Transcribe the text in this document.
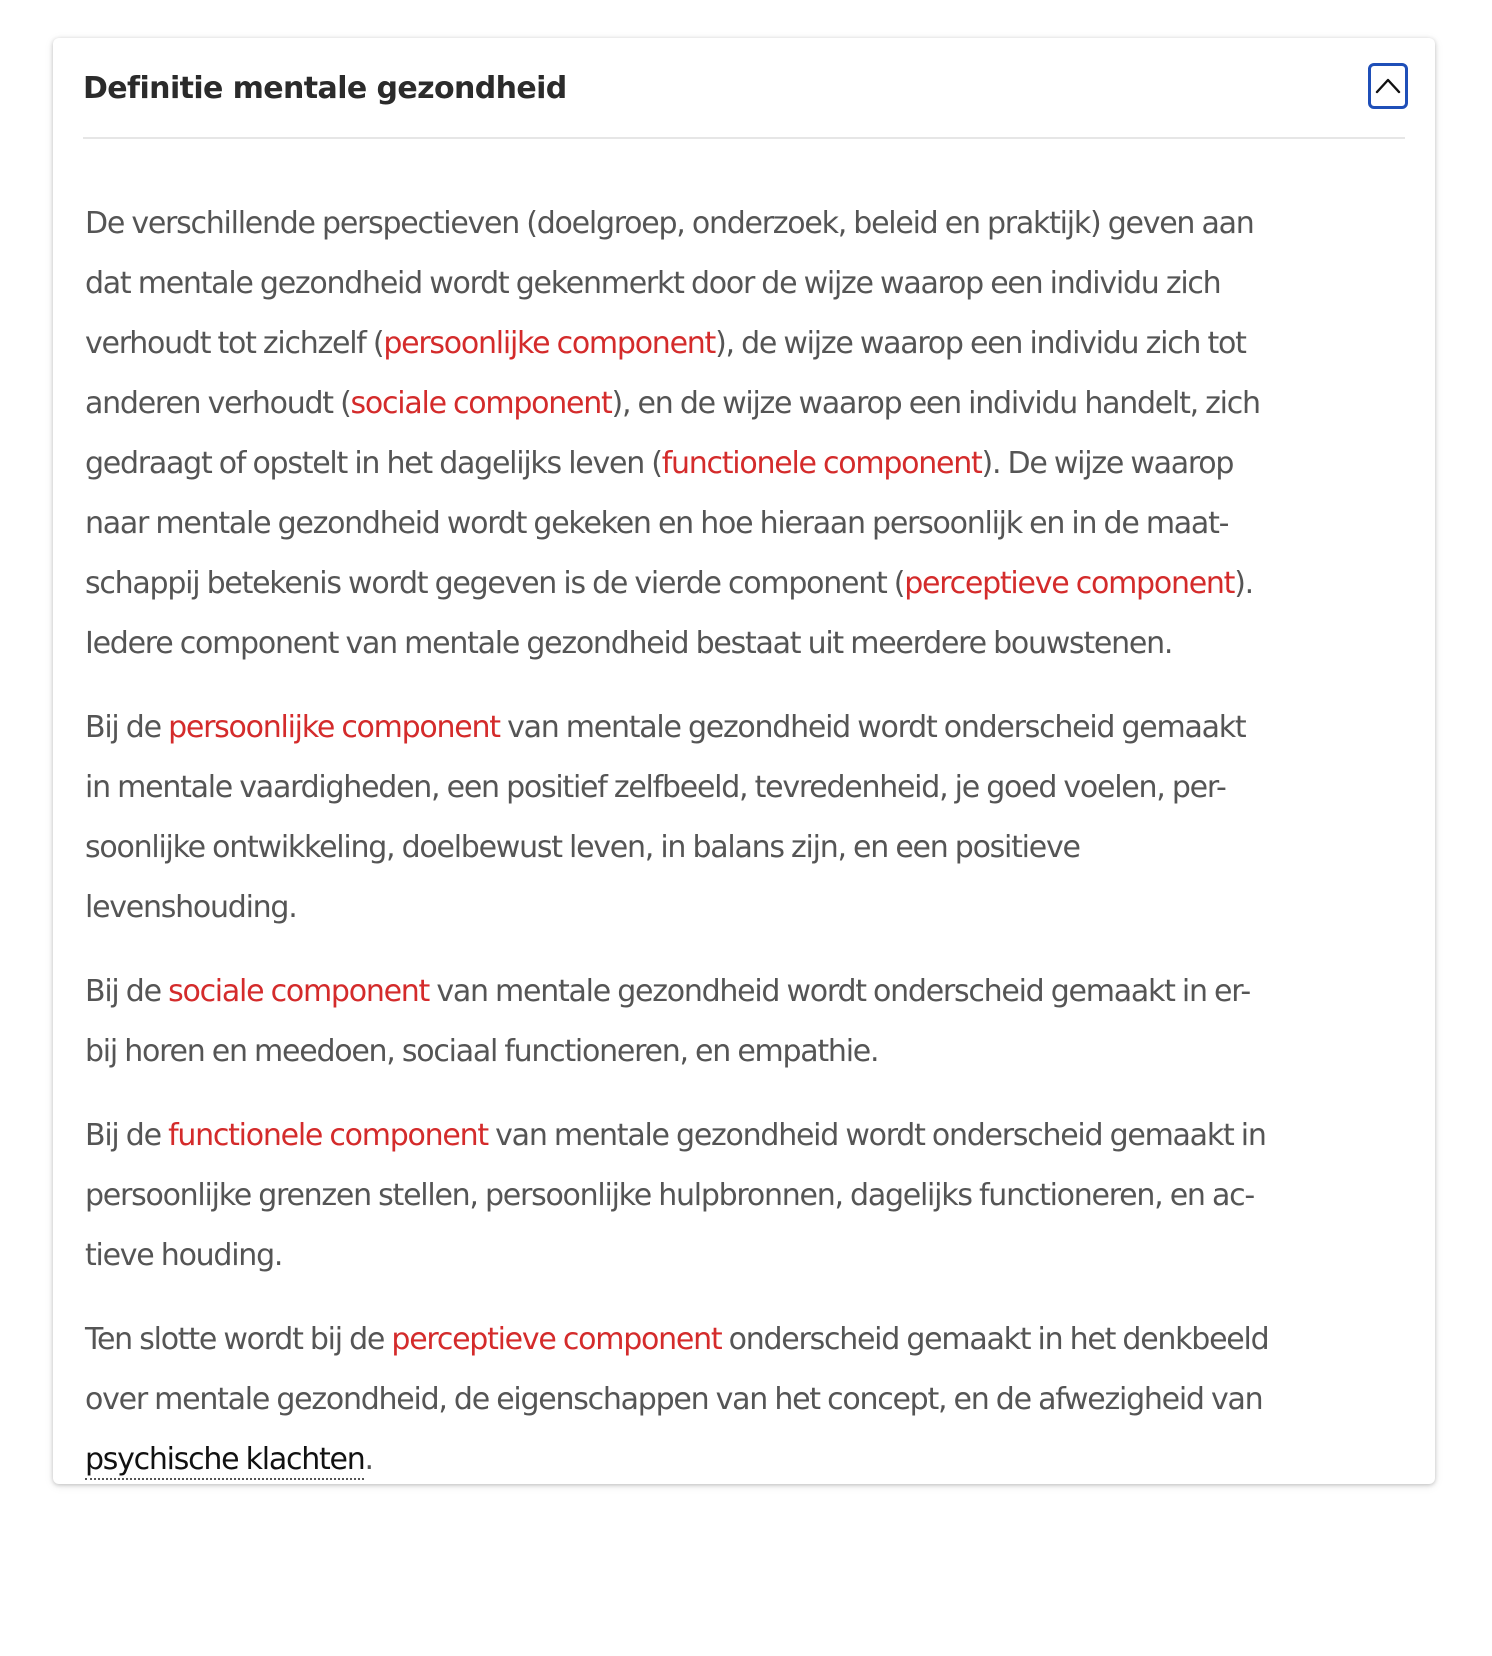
Definitie mentale gezondheid

De verschillende perspectieven (doelgroep, onderzoek, beleid en praktijk) geven aan
dat mentale gezondheid wordt gekenmerkt door de wijze waarop een individu zich
verhoudt tot zichzelf (persoonlijke component), de wijze waarop een individu zich tot
anderen verhoudt (sociale component), en de wijze waarop een individu handelt, zich
gedraagt of opstelt in het dagelijks leven (functionele component). De wijze waarop
naar mentale gezondheid wordt gekeken en hoe hieraan persoonlijk en in de maat-
schappij betekenis wordt gegeven is de vierde component (perceptieve component).
Iedere component van mentale gezondheid bestaat uit meerdere bouwstenen.

Bij de persoonlijke component van mentale gezondheid wordt onderscheid gemaakt
in mentale vaardigheden, een positief zelfbeeld, tevredenheid, je goed voelen, per-
soonlijke ontwikkeling, doelbewust leven, in balans zijn, en een positieve
levenshouding.

Bij de sociale component van mentale gezondheid wordt onderscheid gemaakt in er-
bij horen en meedoen, sociaal functioneren, en empathie.

Bij de functionele component van mentale gezondheid wordt onderscheid gemaakt in
persoonlijke grenzen stellen, persoonlijke hulpbronnen, dagelijks functioneren, en ac-
tieve houding.

Ten slotte wordt bij de perceptieve component onderscheid gemaakt in het denkbeeld
over mentale gezondheid, de eigenschappen van het concept, en de afwezigheid van
psychische klachten.
